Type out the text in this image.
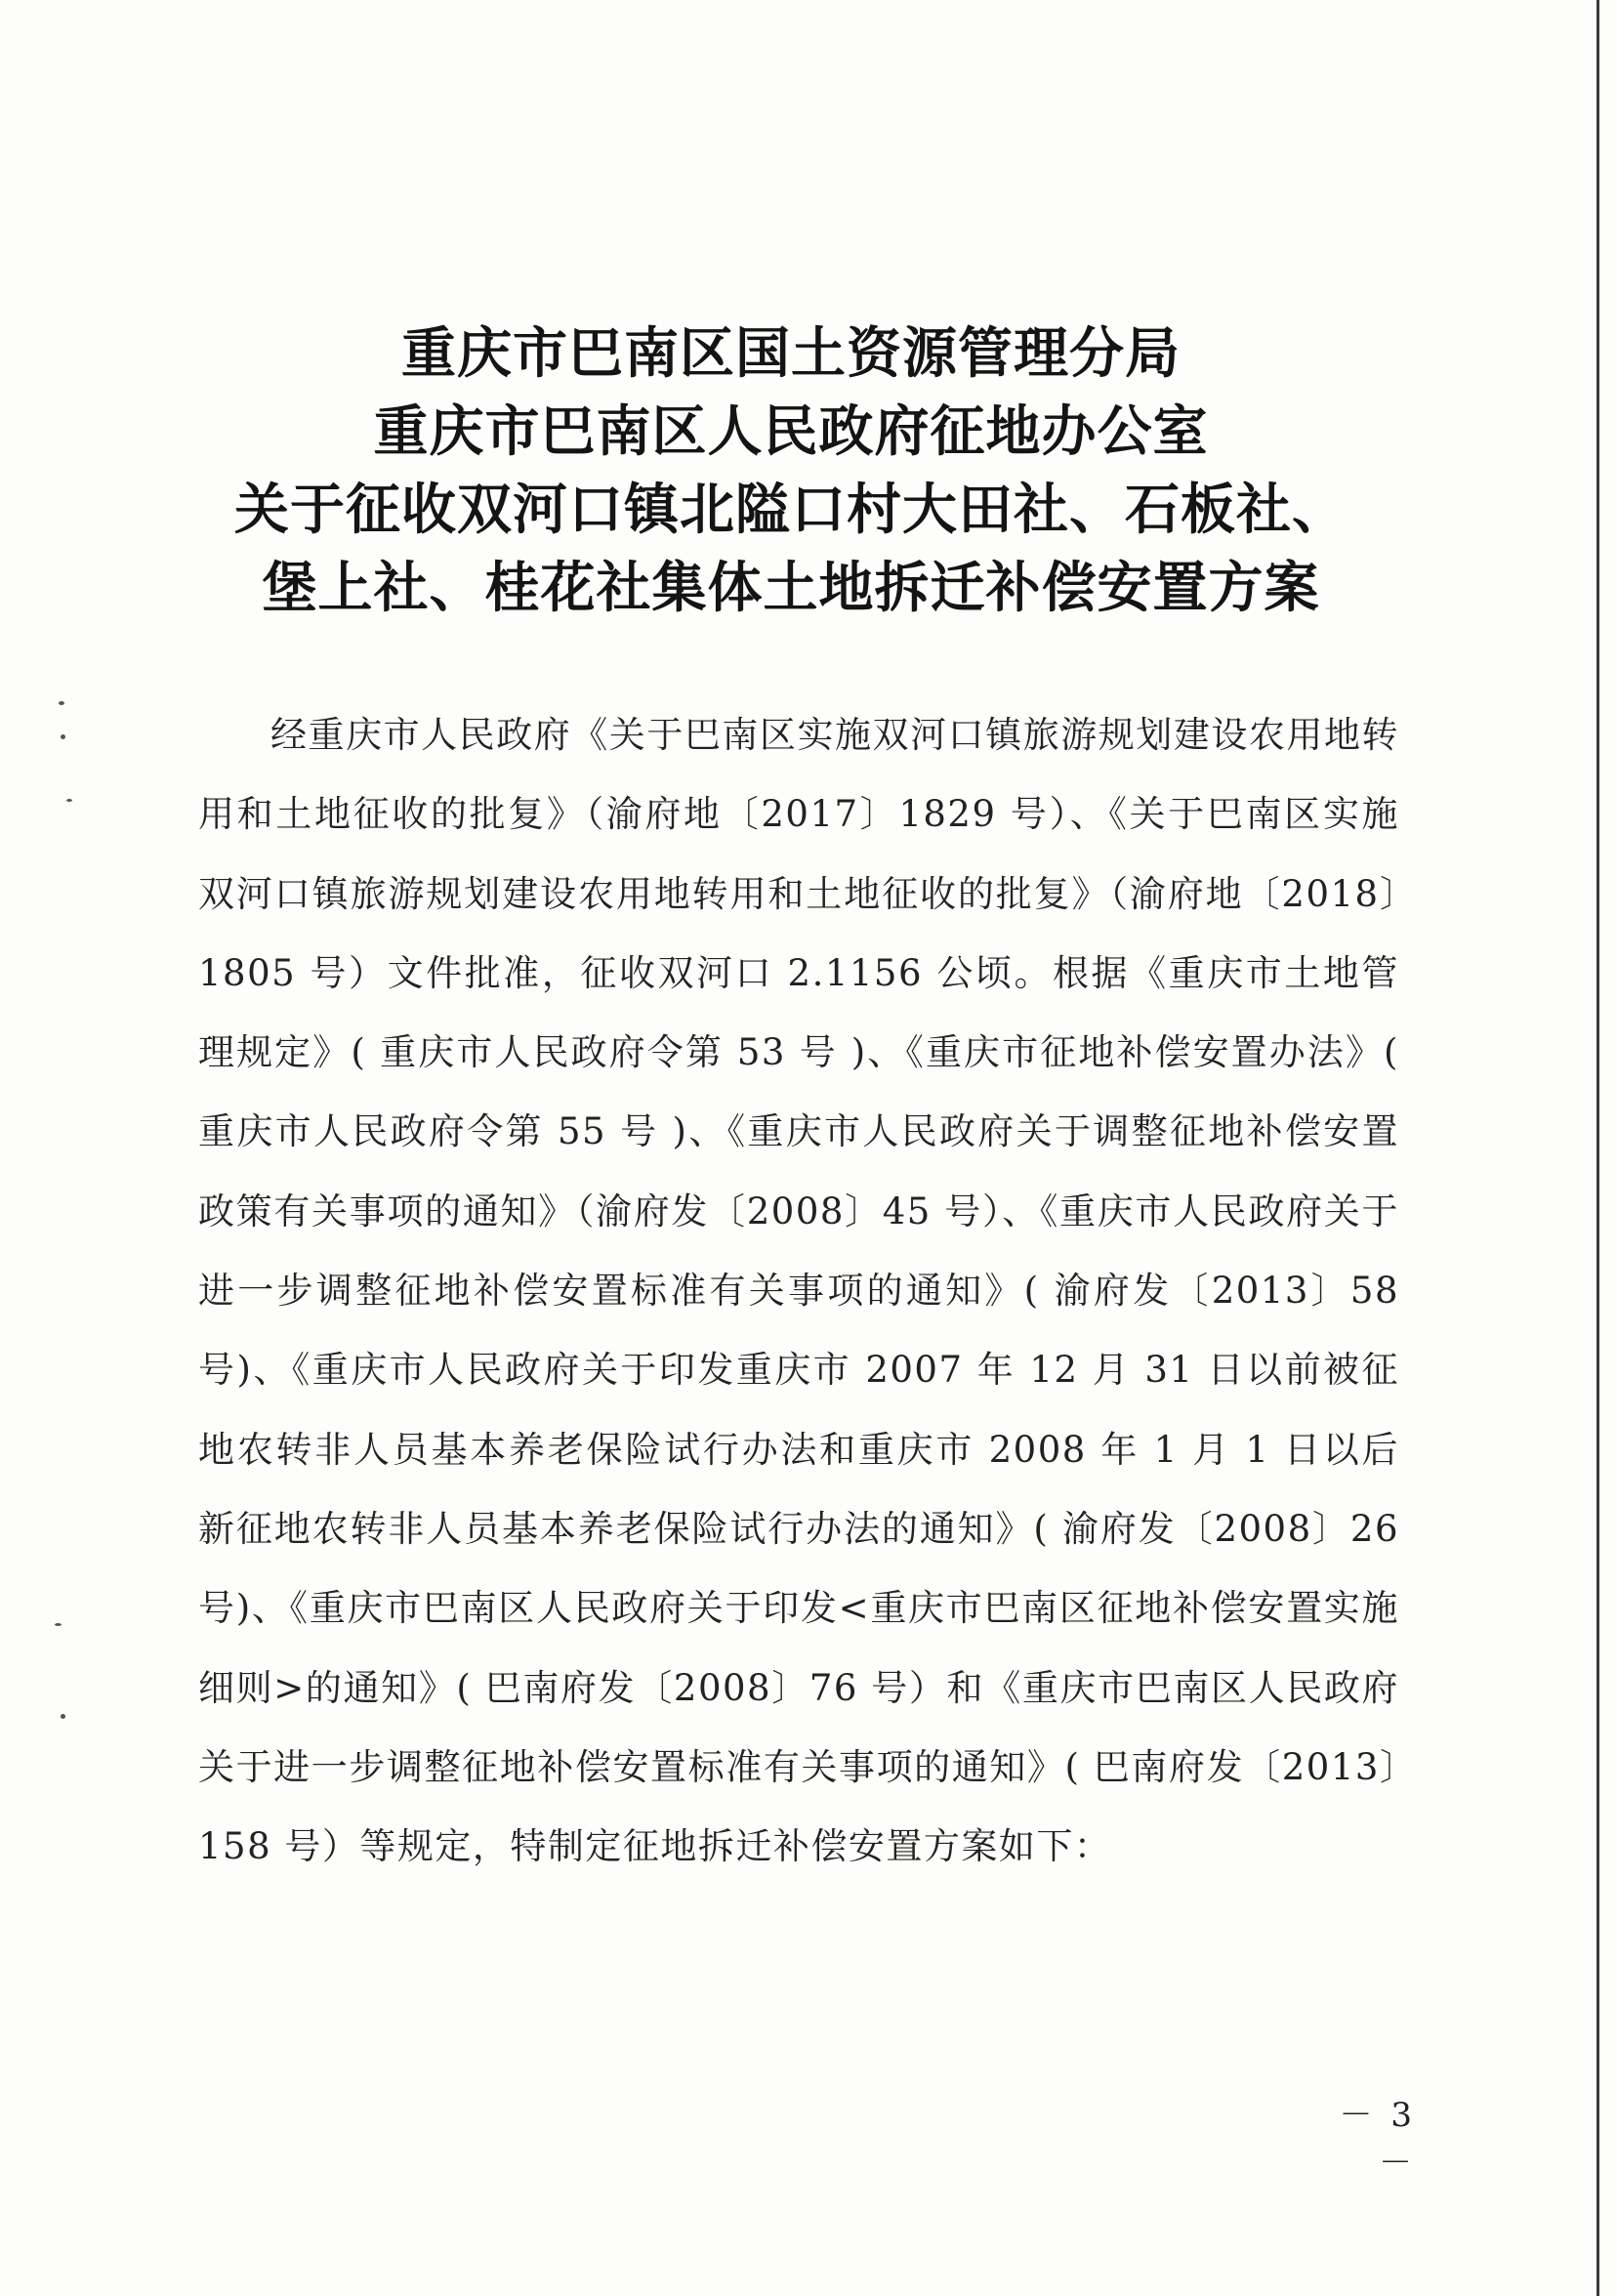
重庆市巴南区国土资源管理分局
重庆市巴南区人民政府征地办公室
关于征收双河口镇北隘口村大田社、石板社、
堡上社、桂花社集体土地拆迁补偿安置方案

经重庆市人民政府《关于巴南区实施双河口镇旅游规划建设农用地转用和土地征收的批复》（渝府地〔2017〕1829 号）、《关于巴南区实施双河口镇旅游规划建设农用地转用和土地征收的批复》（渝府地〔2018〕1805 号）文件批准，征收双河口 2.1156 公顷。根据《重庆市土地管理规定》( 重庆市人民政府令第 53 号 )、《重庆市征地补偿安置办法》( 重庆市人民政府令第 55 号 )、《重庆市人民政府关于调整征地补偿安置政策有关事项的通知》（渝府发〔2008〕45 号）、《重庆市人民政府关于进一步调整征地补偿安置标准有关事项的通知》( 渝府发〔2013〕58 号)、《重庆市人民政府关于印发重庆市 2007 年 12 月 31 日以前被征地农转非人员基本养老保险试行办法和重庆市 2008 年 1 月 1 日以后新征地农转非人员基本养老保险试行办法的通知》( 渝府发〔2008〕26 号)、《重庆市巴南区人民政府关于印发<重庆市巴南区征地补偿安置实施细则>的通知》( 巴南府发〔2008〕76 号）和《重庆市巴南区人民政府关于进一步调整征地补偿安置标准有关事项的通知》( 巴南府发〔2013〕158 号）等规定，特制定征地拆迁补偿安置方案如下：

－ 3 －
